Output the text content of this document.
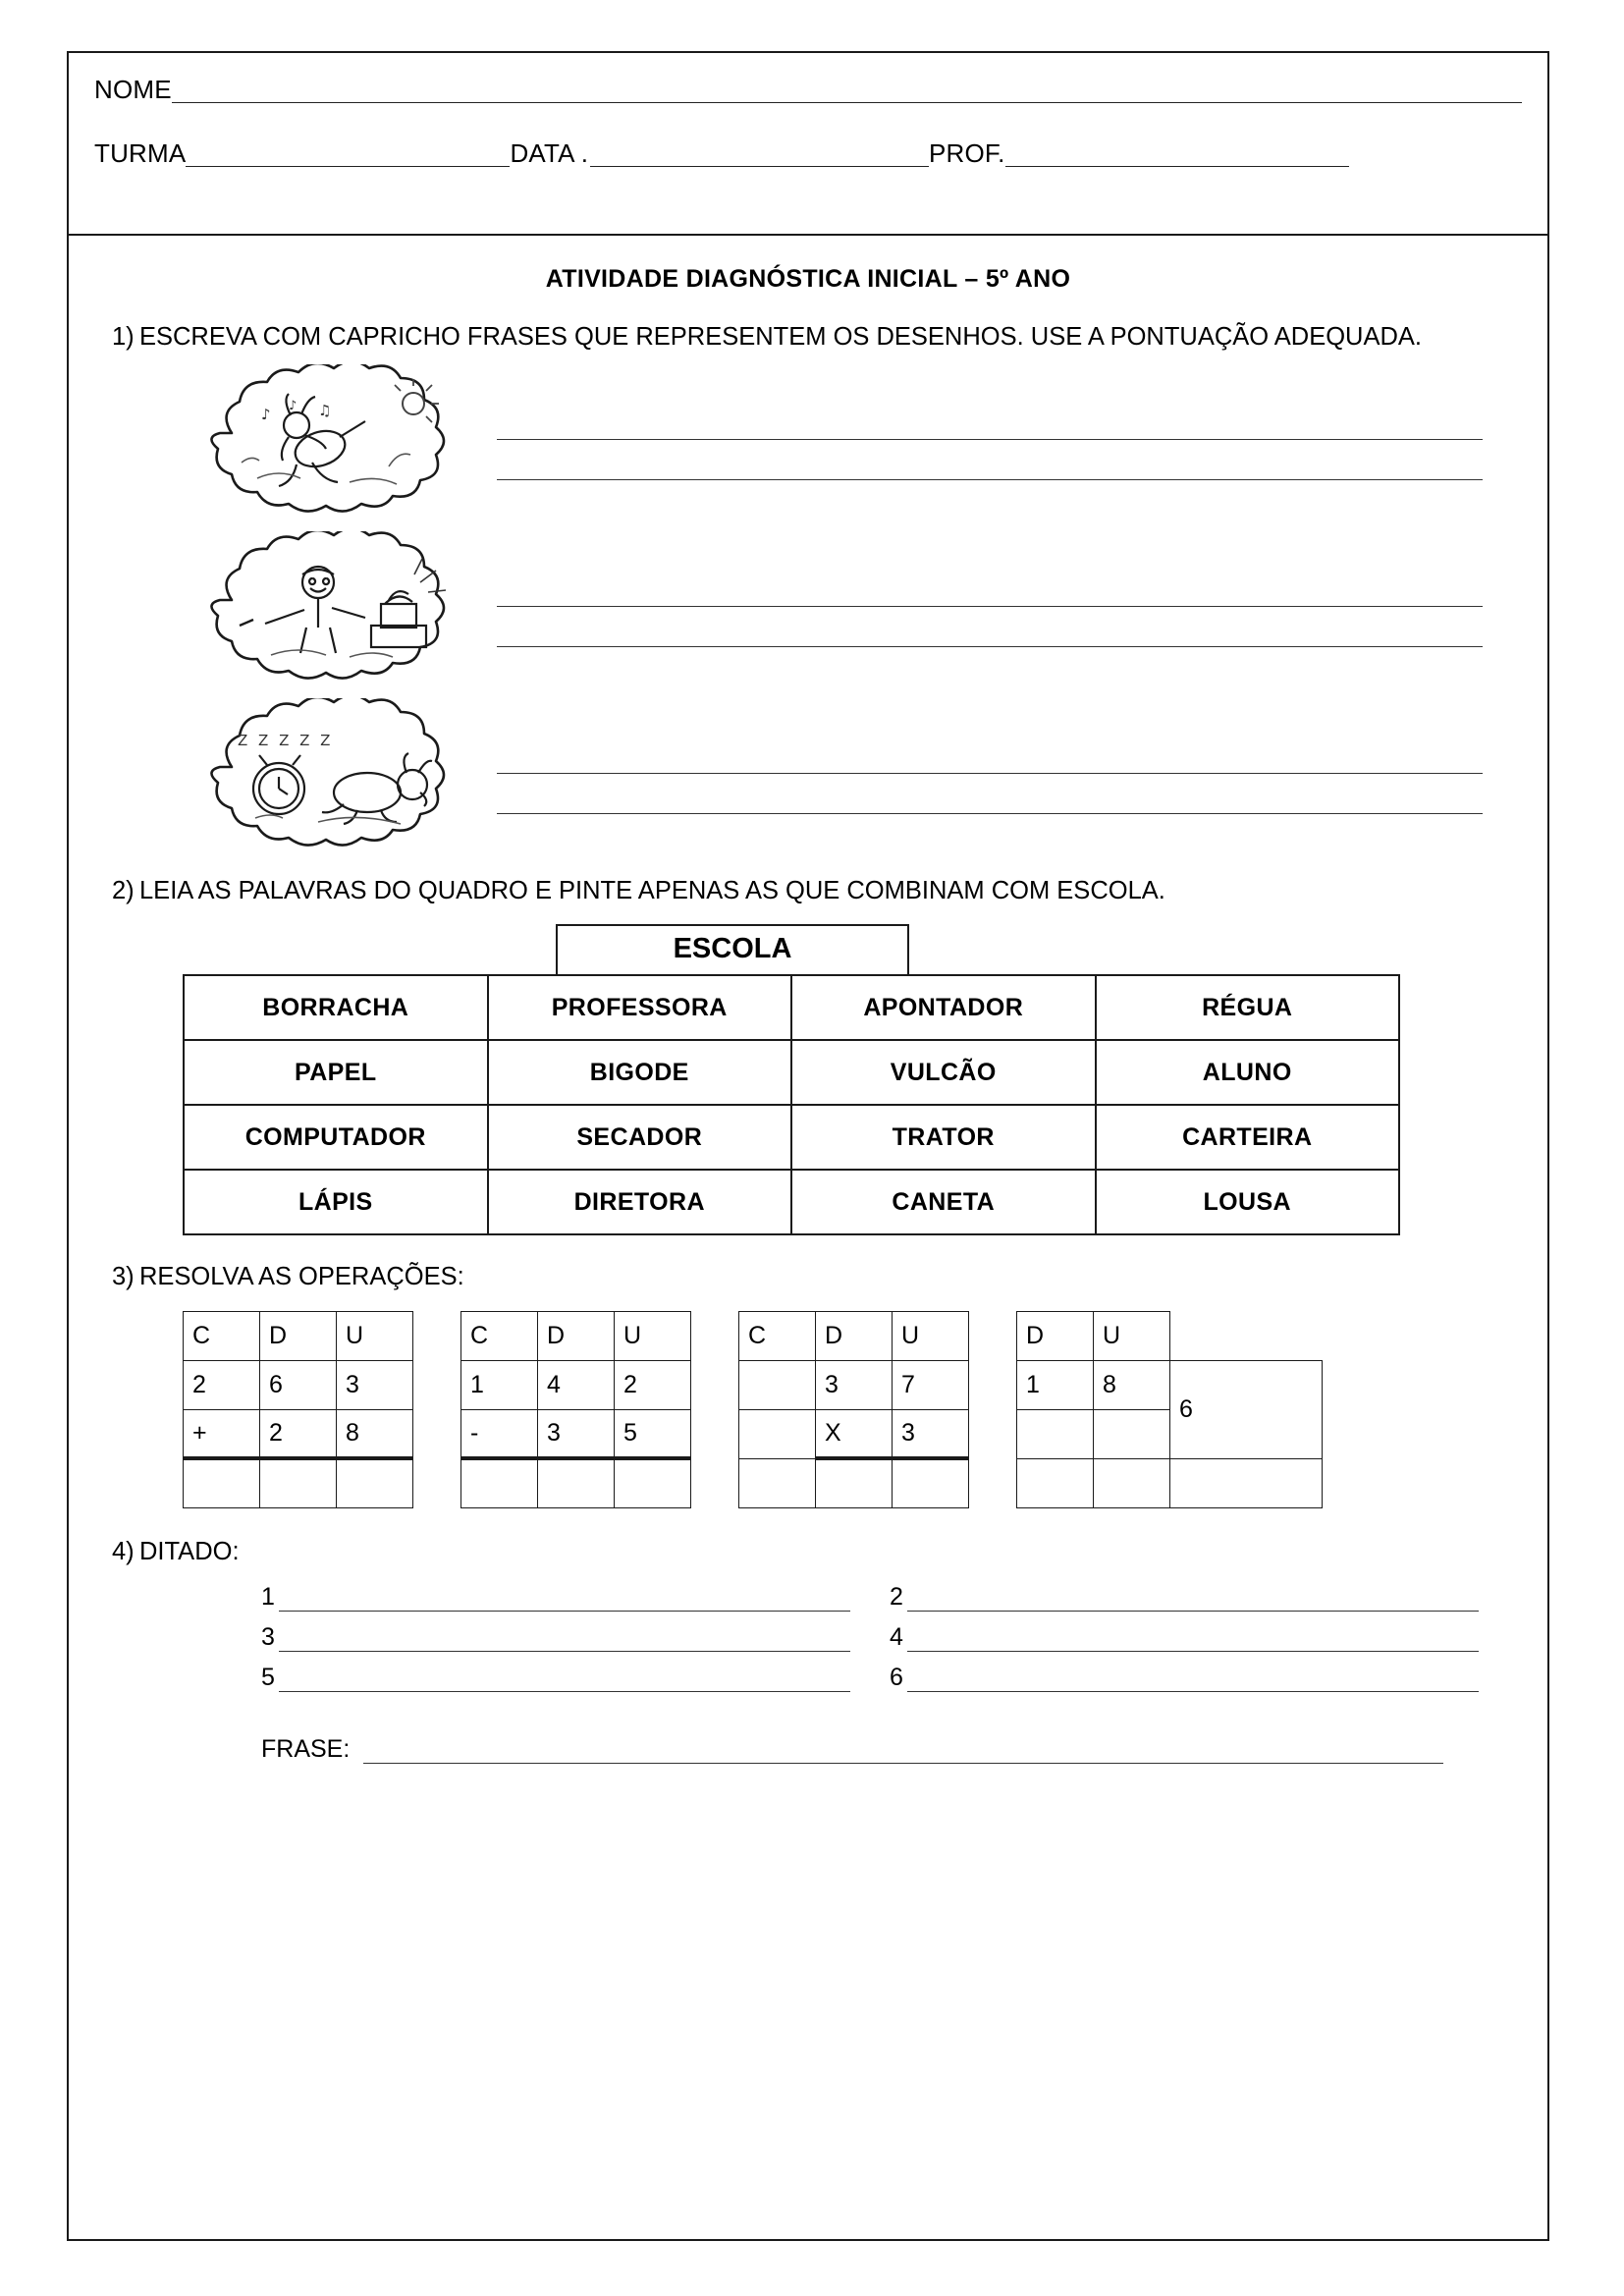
NOME
TURMA	DATA .	PROF.
ATIVIDADE DIAGNÓSTICA INICIAL – 5º ANO
1) ESCREVA COM CAPRICHO FRASES QUE REPRESENTEM OS DESENHOS. USE A PONTUAÇÃO ADEQUADA.
♪ ♪ ♫
Z Z Z Z Z
2) LEIA AS PALAVRAS DO QUADRO E PINTE APENAS AS QUE COMBINAM COM ESCOLA.
ESCOLA
BORRACHA	PROFESSORA	APONTADOR	RÉGUA
PAPEL	BIGODE	VULCÃO	ALUNO
COMPUTADOR	SECADOR	TRATOR	CARTEIRA
LÁPIS	DIRETORA	CANETA	LOUSA
3) RESOLVA AS OPERAÇÕES:
C	D	U
2	6	3
+	2	8

C	D	U
1	4	2
-	3	5

C	D	U
	3	7
	X	3

D	U	
1	8	6

4) DITADO:
1	2
3	4
5	6
FRASE:
